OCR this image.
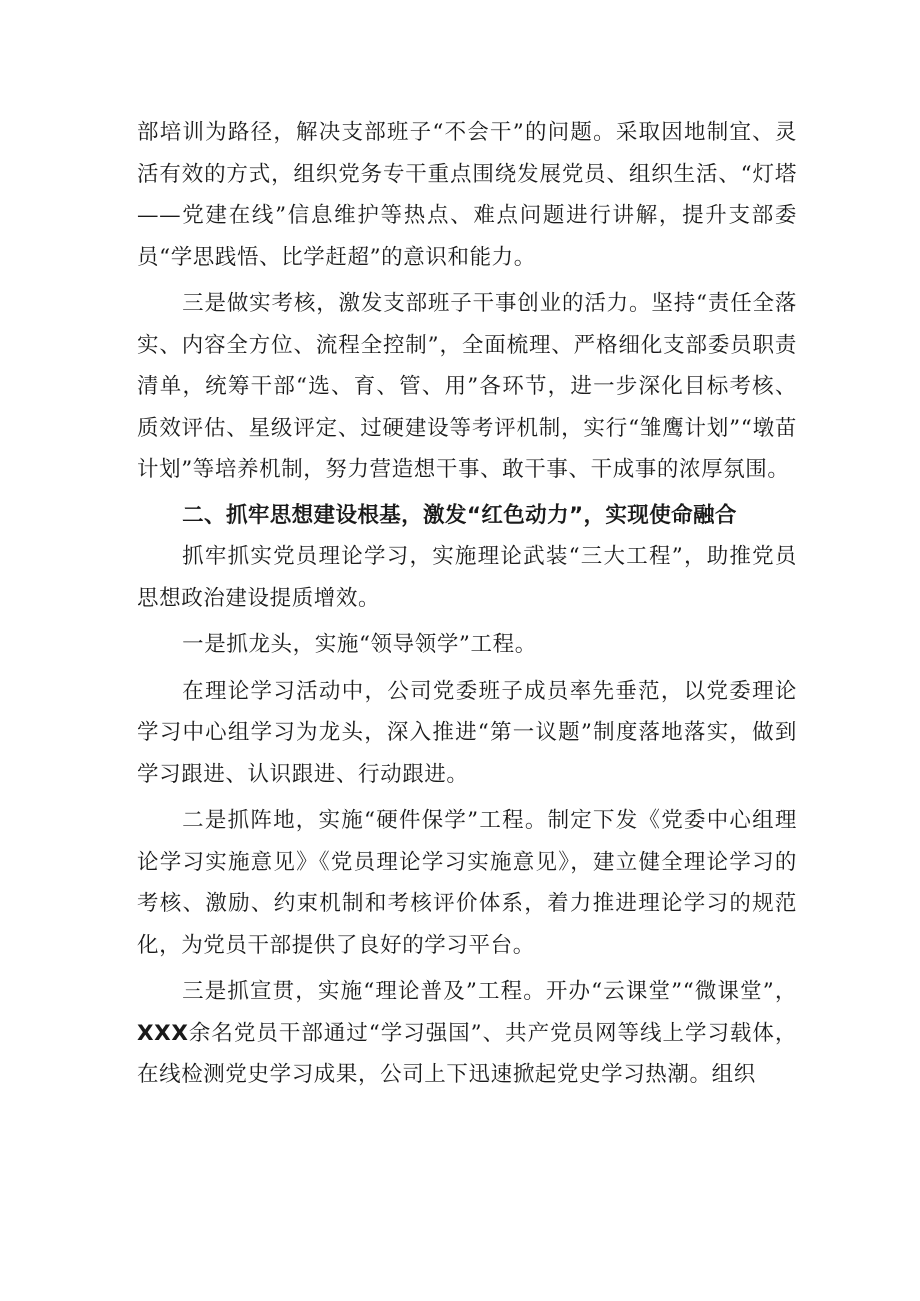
部培训为路径，解决支部班子“不会干”的问题。采取因地制宜、灵活有效的方式，组织党务专干重点围绕发展党员、组织生活、“灯塔——党建在线”信息维护等热点、难点问题进行讲解，提升支部委员“学思践悟、比学赶超”的意识和能力。

三是做实考核，激发支部班子干事创业的活力。坚持“责任全落实、内容全方位、流程全控制”，全面梳理、严格细化支部委员职责清单，统筹干部“选、育、管、用”各环节，进一步深化目标考核、质效评估、星级评定、过硬建设等考评机制，实行“雏鹰计划”“墩苗计划”等培养机制，努力营造想干事、敢干事、干成事的浓厚氛围。

二、抓牢思想建设根基，激发“红色动力”，实现使命融合

抓牢抓实党员理论学习，实施理论武装“三大工程”，助推党员思想政治建设提质增效。

一是抓龙头，实施“领导领学”工程。

在理论学习活动中，公司党委班子成员率先垂范，以党委理论学习中心组学习为龙头，深入推进“第一议题”制度落地落实，做到学习跟进、认识跟进、行动跟进。

二是抓阵地，实施“硬件保学”工程。制定下发《党委中心组理论学习实施意见》《党员理论学习实施意见》，建立健全理论学习的考核、激励、约束机制和考核评价体系，着力推进理论学习的规范化，为党员干部提供了良好的学习平台。

三是抓宣贯，实施“理论普及”工程。开办“云课堂”“微课堂”，XXX余名党员干部通过“学习强国”、共产党员网等线上学习载体，在线检测党史学习成果，公司上下迅速掀起党史学习热潮。组织
